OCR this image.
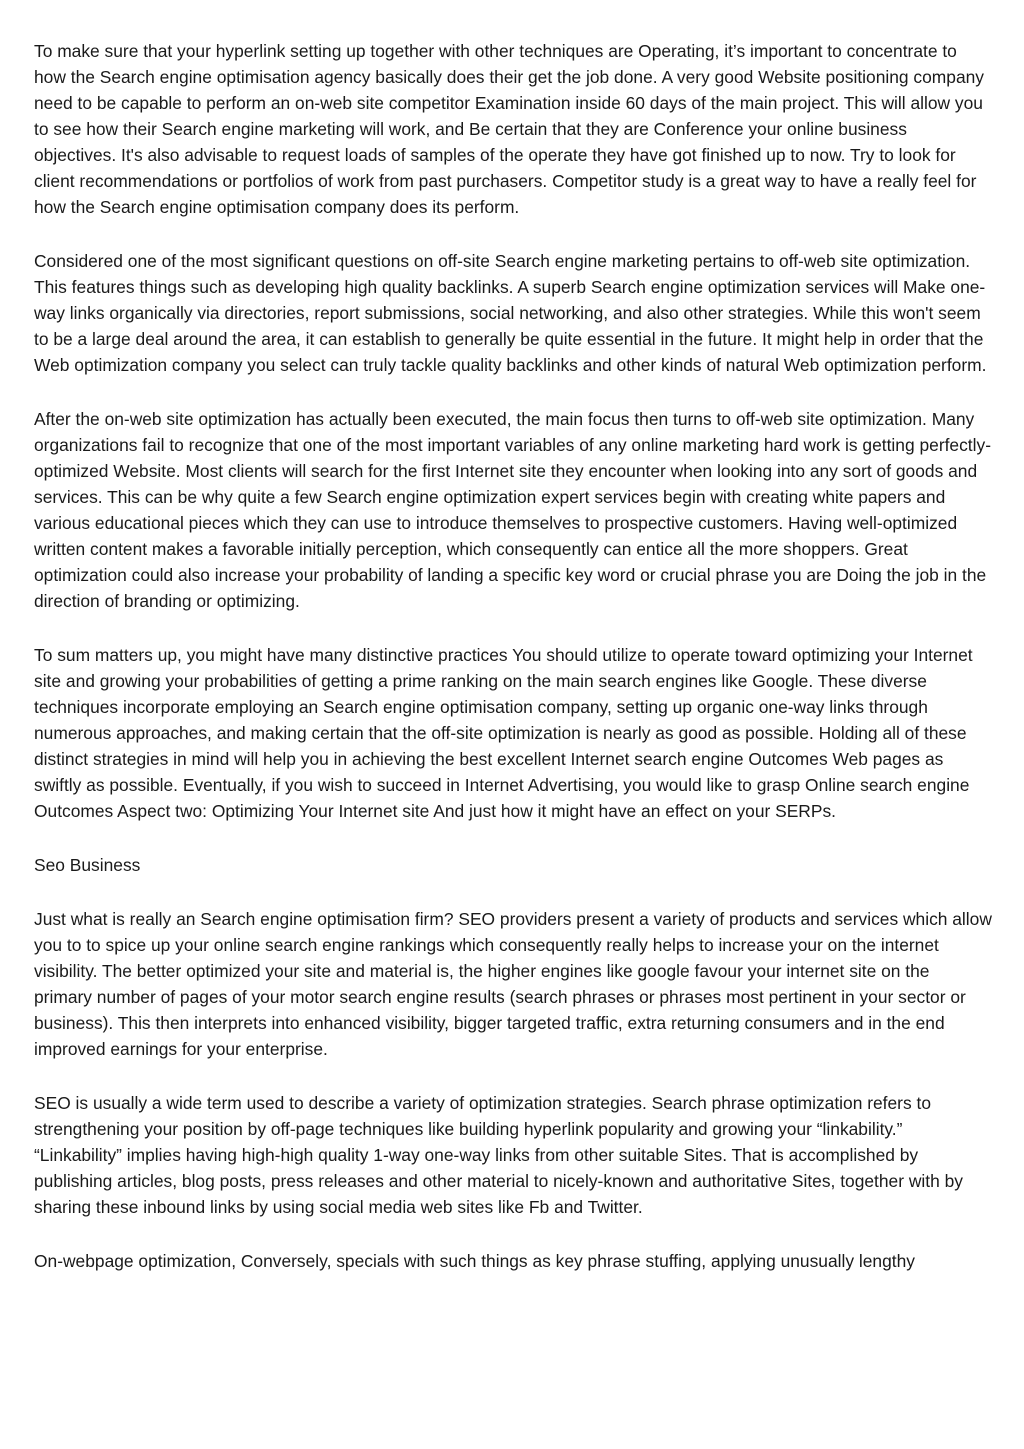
To make sure that your hyperlink setting up together with other techniques are Operating, it’s important to concentrate to how the Search engine optimisation agency basically does their get the job done. A very good Website positioning company need to be capable to perform an on-web site competitor Examination inside 60 days of the main project. This will allow you to see how their Search engine marketing will work, and Be certain that they are Conference your online business objectives. It's also advisable to request loads of samples of the operate they have got finished up to now. Try to look for client recommendations or portfolios of work from past purchasers. Competitor study is a great way to have a really feel for how the Search engine optimisation company does its perform.

Considered one of the most significant questions on off-site Search engine marketing pertains to off-web site optimization. This features things such as developing high quality backlinks. A superb Search engine optimization services will Make one-way links organically via directories, report submissions, social networking, and also other strategies. While this won't seem to be a large deal around the area, it can establish to generally be quite essential in the future. It might help in order that the Web optimization company you select can truly tackle quality backlinks and other kinds of natural Web optimization perform.

After the on-web site optimization has actually been executed, the main focus then turns to off-web site optimization. Many organizations fail to recognize that one of the most important variables of any online marketing hard work is getting perfectly-optimized Website. Most clients will search for the first Internet site they encounter when looking into any sort of goods and services. This can be why quite a few Search engine optimization expert services begin with creating white papers and various educational pieces which they can use to introduce themselves to prospective customers. Having well-optimized written content makes a favorable initially perception, which consequently can entice all the more shoppers. Great optimization could also increase your probability of landing a specific key word or crucial phrase you are Doing the job in the direction of branding or optimizing.

To sum matters up, you might have many distinctive practices You should utilize to operate toward optimizing your Internet site and growing your probabilities of getting a prime ranking on the main search engines like Google. These diverse techniques incorporate employing an Search engine optimisation company, setting up organic one-way links through numerous approaches, and making certain that the off-site optimization is nearly as good as possible. Holding all of these distinct strategies in mind will help you in achieving the best excellent Internet search engine Outcomes Web pages as swiftly as possible. Eventually, if you wish to succeed in Internet Advertising, you would like to grasp Online search engine Outcomes Aspect two: Optimizing Your Internet site And just how it might have an effect on your SERPs.

Seo Business

Just what is really an Search engine optimisation firm? SEO providers present a variety of products and services which allow you to to spice up your online search engine rankings which consequently really helps to increase your on the internet visibility. The better optimized your site and material is, the higher engines like google favour your internet site on the primary number of pages of your motor search engine results (search phrases or phrases most pertinent in your sector or business). This then interprets into enhanced visibility, bigger targeted traffic, extra returning consumers and in the end improved earnings for your enterprise.

SEO is usually a wide term used to describe a variety of optimization strategies. Search phrase optimization refers to strengthening your position by off-page techniques like building hyperlink popularity and growing your “linkability.” “Linkability” implies having high-high quality 1-way one-way links from other suitable Sites. That is accomplished by publishing articles, blog posts, press releases and other material to nicely-known and authoritative Sites, together with by sharing these inbound links by using social media web sites like Fb and Twitter.

On-webpage optimization, Conversely, specials with such things as key phrase stuffing, applying unusually lengthy
